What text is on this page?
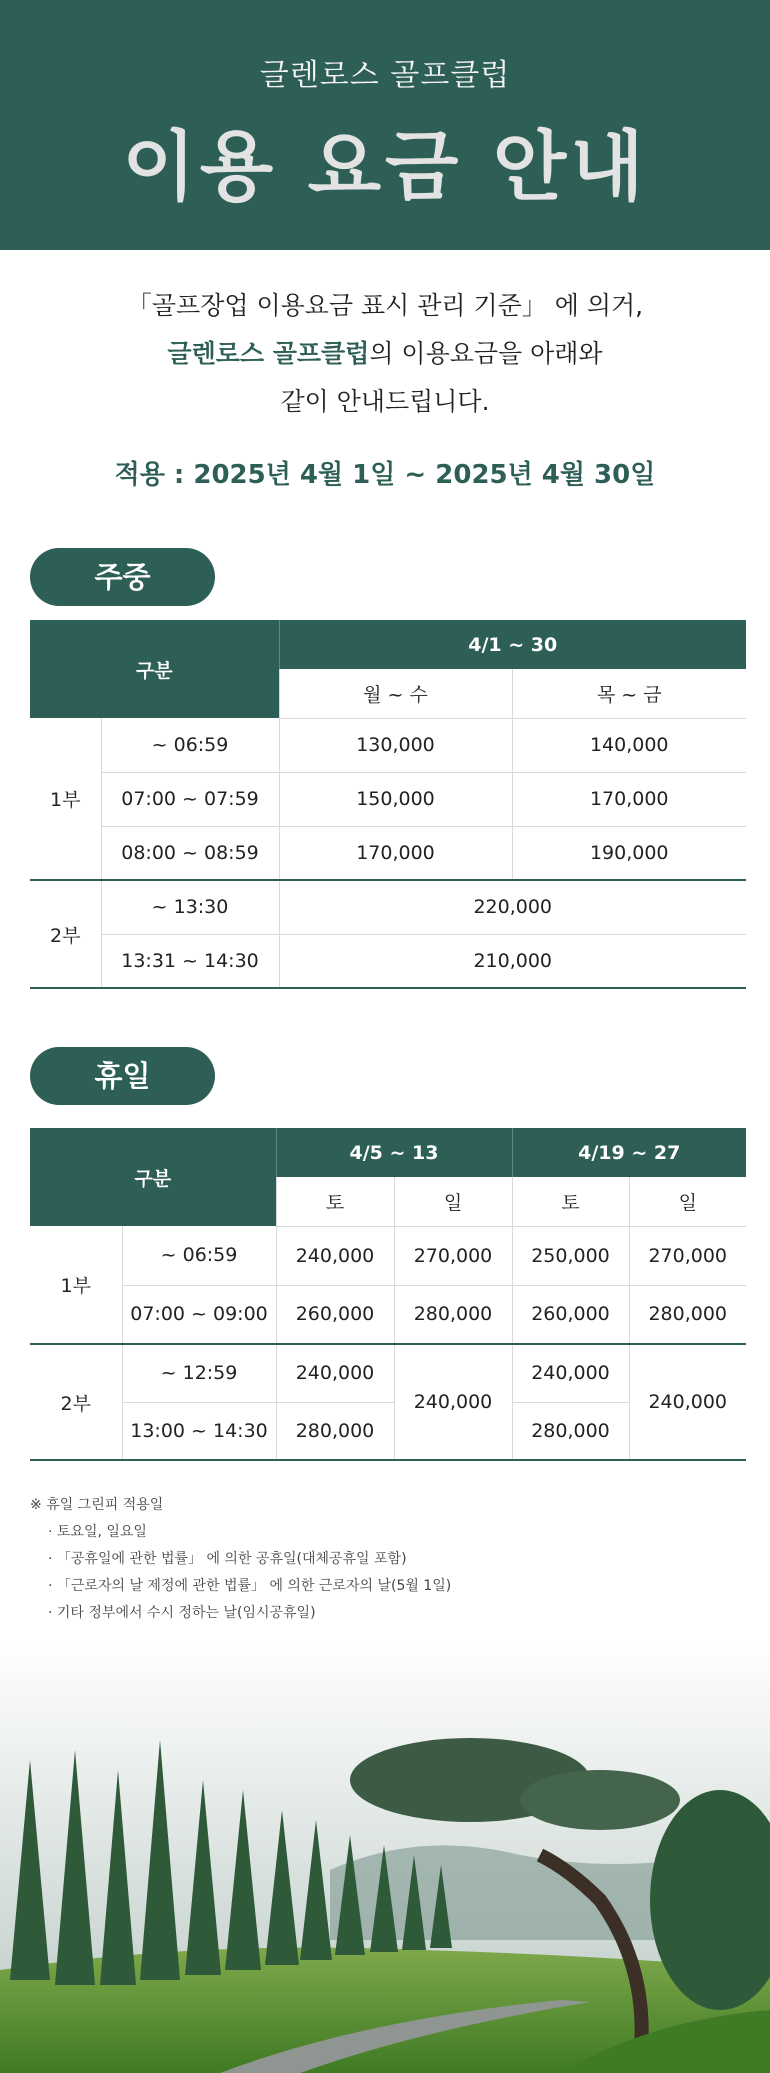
글렌로스 골프클럽
이용 요금 안내
「골프장업 이용요금 표시 관리 기준」 에 의거,
글렌로스 골프클럽의 이용요금을 아래와
같이 안내드립니다.
적용 : 2025년 4월 1일 ~ 2025년 4월 30일
주중
구분		4/1 ~ 30	
		월 ~ 수	목 ~ 금
1부	~ 06:59	130,000	140,000
	07:00 ~ 07:59	150,000	170,000
	08:00 ~ 08:59	170,000	190,000
2부	~ 13:30	220,000	
	13:31 ~ 14:30	210,000	
휴일
구분		4/5 ~ 13		4/19 ~ 27	
		토	일	토	일
1부	~ 06:59	240,000	270,000	250,000	270,000
	07:00 ~ 09:00	260,000	280,000	260,000	280,000
2부	~ 12:59	240,000	240,000	240,000	240,000
	13:00 ~ 14:30	280,000		280,000	
※ 휴일 그린피 적용일
· 토요일, 일요일
· 「공휴일에 관한 법률」 에 의한 공휴일(대체공휴일 포함)
· 「근로자의 날 제정에 관한 법률」 에 의한 근로자의 날(5월 1일)
· 기타 정부에서 수시 정하는 날(임시공휴일)
